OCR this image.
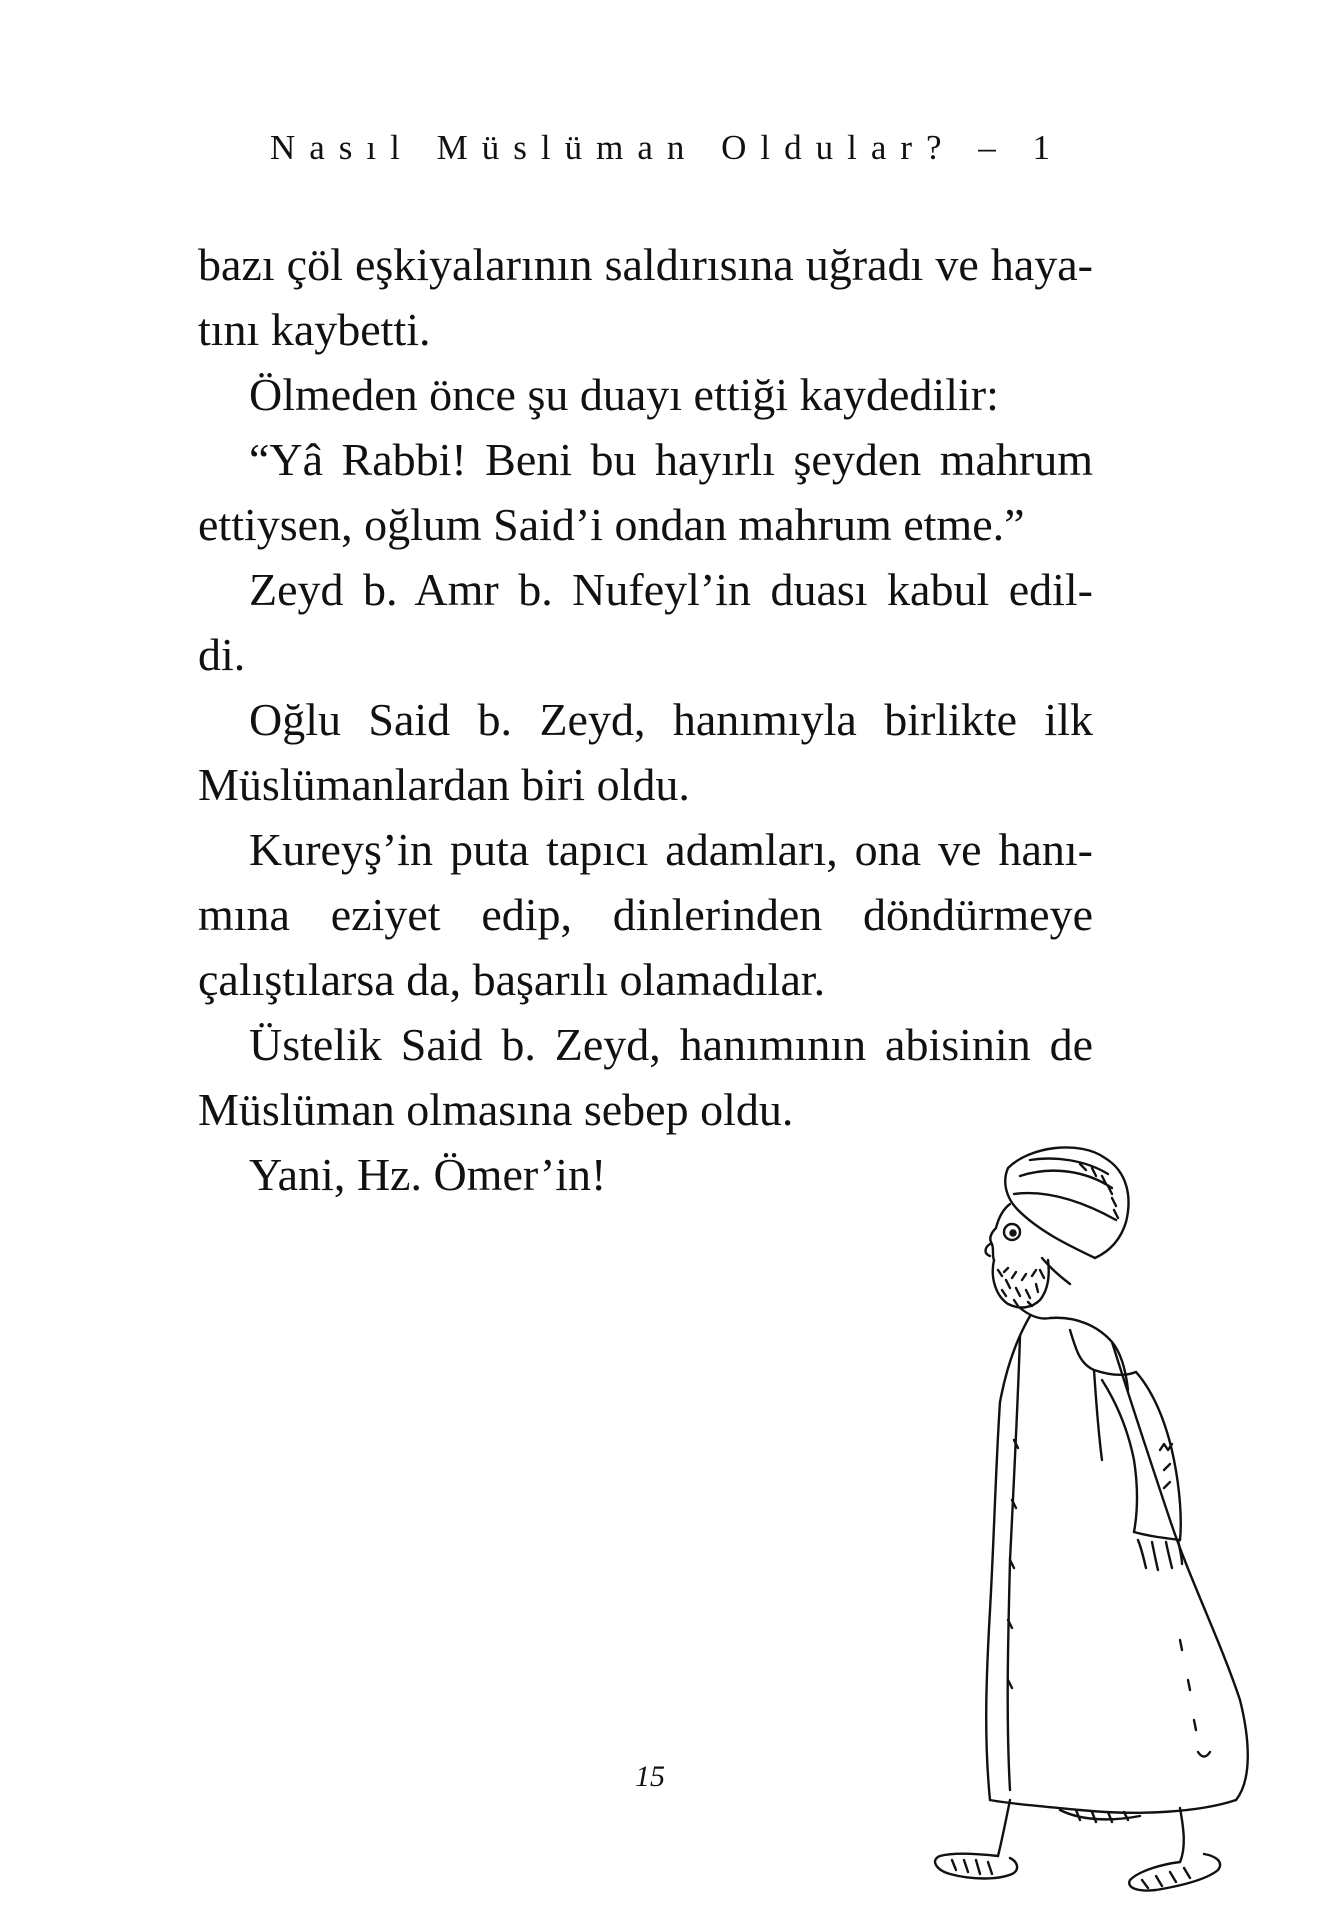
Nasıl Müslüman Oldular? – 1
bazı çöl eşkiyalarının saldırısına uğradı ve haya-
tını kaybetti.
Ölmeden önce şu duayı ettiği kaydedilir:
“Yâ Rabbi! Beni bu hayırlı şeyden mahrum
ettiysen, oğlum Said’i ondan mahrum etme.”
Zeyd b. Amr b. Nufeyl’in duası kabul edil-
di.
Oğlu Said b. Zeyd, hanımıyla birlikte ilk
Müslümanlardan biri oldu.
Kureyş’in puta tapıcı adamları, ona ve hanı-
mına eziyet edip, dinlerinden döndürmeye
çalıştılarsa da, başarılı olamadılar.
Üstelik Said b. Zeyd, hanımının abisinin de
Müslüman olmasına sebep oldu.
Yani, Hz. Ömer’in!
15
